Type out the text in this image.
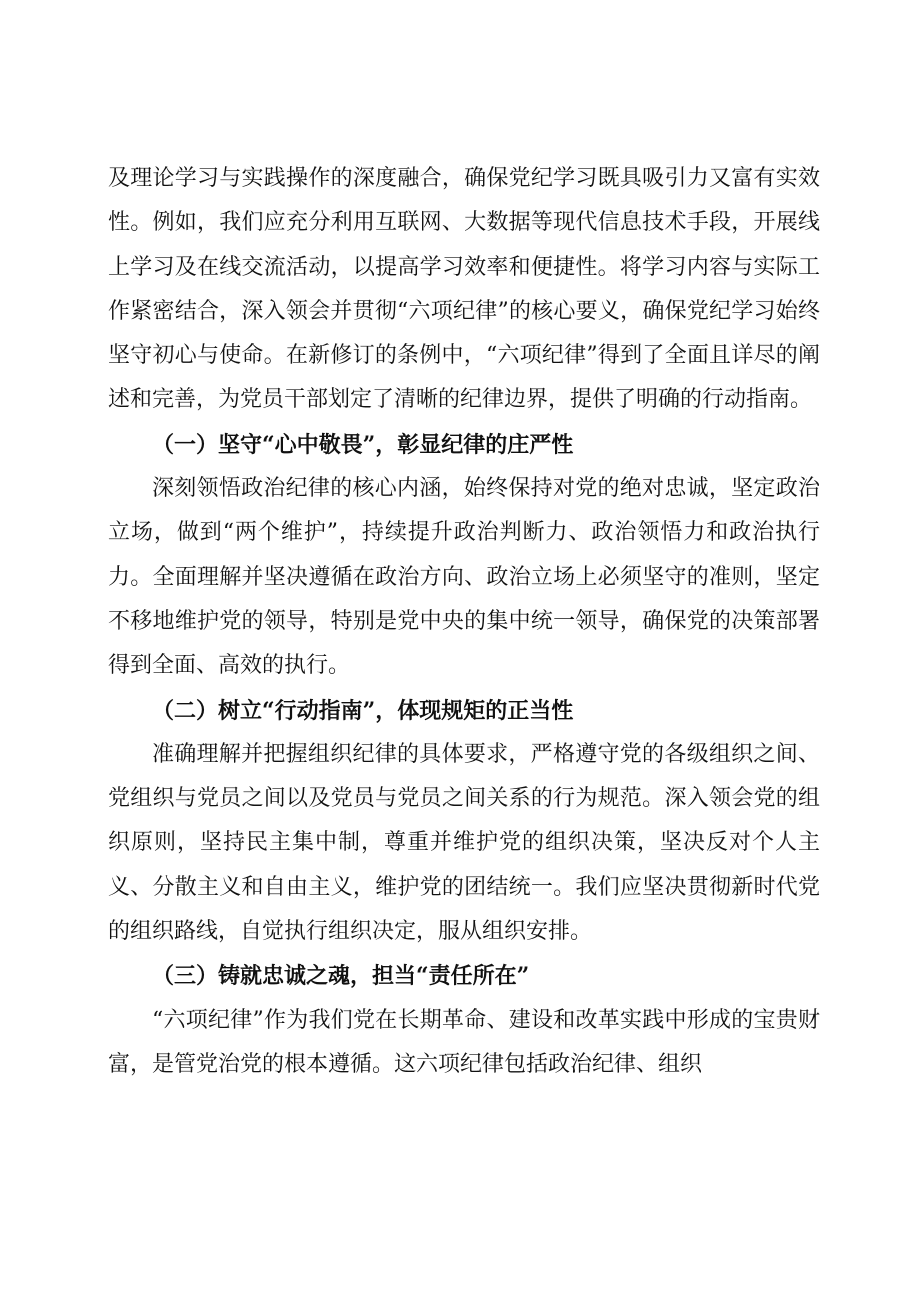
及理论学习与实践操作的深度融合，确保党纪学习既具吸引力又富有实效性。例如，我们应充分利用互联网、大数据等现代信息技术手段，开展线上学习及在线交流活动，以提高学习效率和便捷性。将学习内容与实际工作紧密结合，深入领会并贯彻“六项纪律”的核心要义，确保党纪学习始终坚守初心与使命。在新修订的条例中，“六项纪律”得到了全面且详尽的阐述和完善，为党员干部划定了清晰的纪律边界，提供了明确的行动指南。

（一）坚守“心中敬畏”，彰显纪律的庄严性

深刻领悟政治纪律的核心内涵，始终保持对党的绝对忠诚，坚定政治立场，做到“两个维护”，持续提升政治判断力、政治领悟力和政治执行力。全面理解并坚决遵循在政治方向、政治立场上必须坚守的准则，坚定不移地维护党的领导，特别是党中央的集中统一领导，确保党的决策部署得到全面、高效的执行。

（二）树立“行动指南”，体现规矩的正当性

准确理解并把握组织纪律的具体要求，严格遵守党的各级组织之间、党组织与党员之间以及党员与党员之间关系的行为规范。深入领会党的组织原则，坚持民主集中制，尊重并维护党的组织决策，坚决反对个人主义、分散主义和自由主义，维护党的团结统一。我们应坚决贯彻新时代党的组织路线，自觉执行组织决定，服从组织安排。

（三）铸就忠诚之魂，担当“责任所在”

“六项纪律”作为我们党在长期革命、建设和改革实践中形成的宝贵财富，是管党治党的根本遵循。这六项纪律包括政治纪律、组织
